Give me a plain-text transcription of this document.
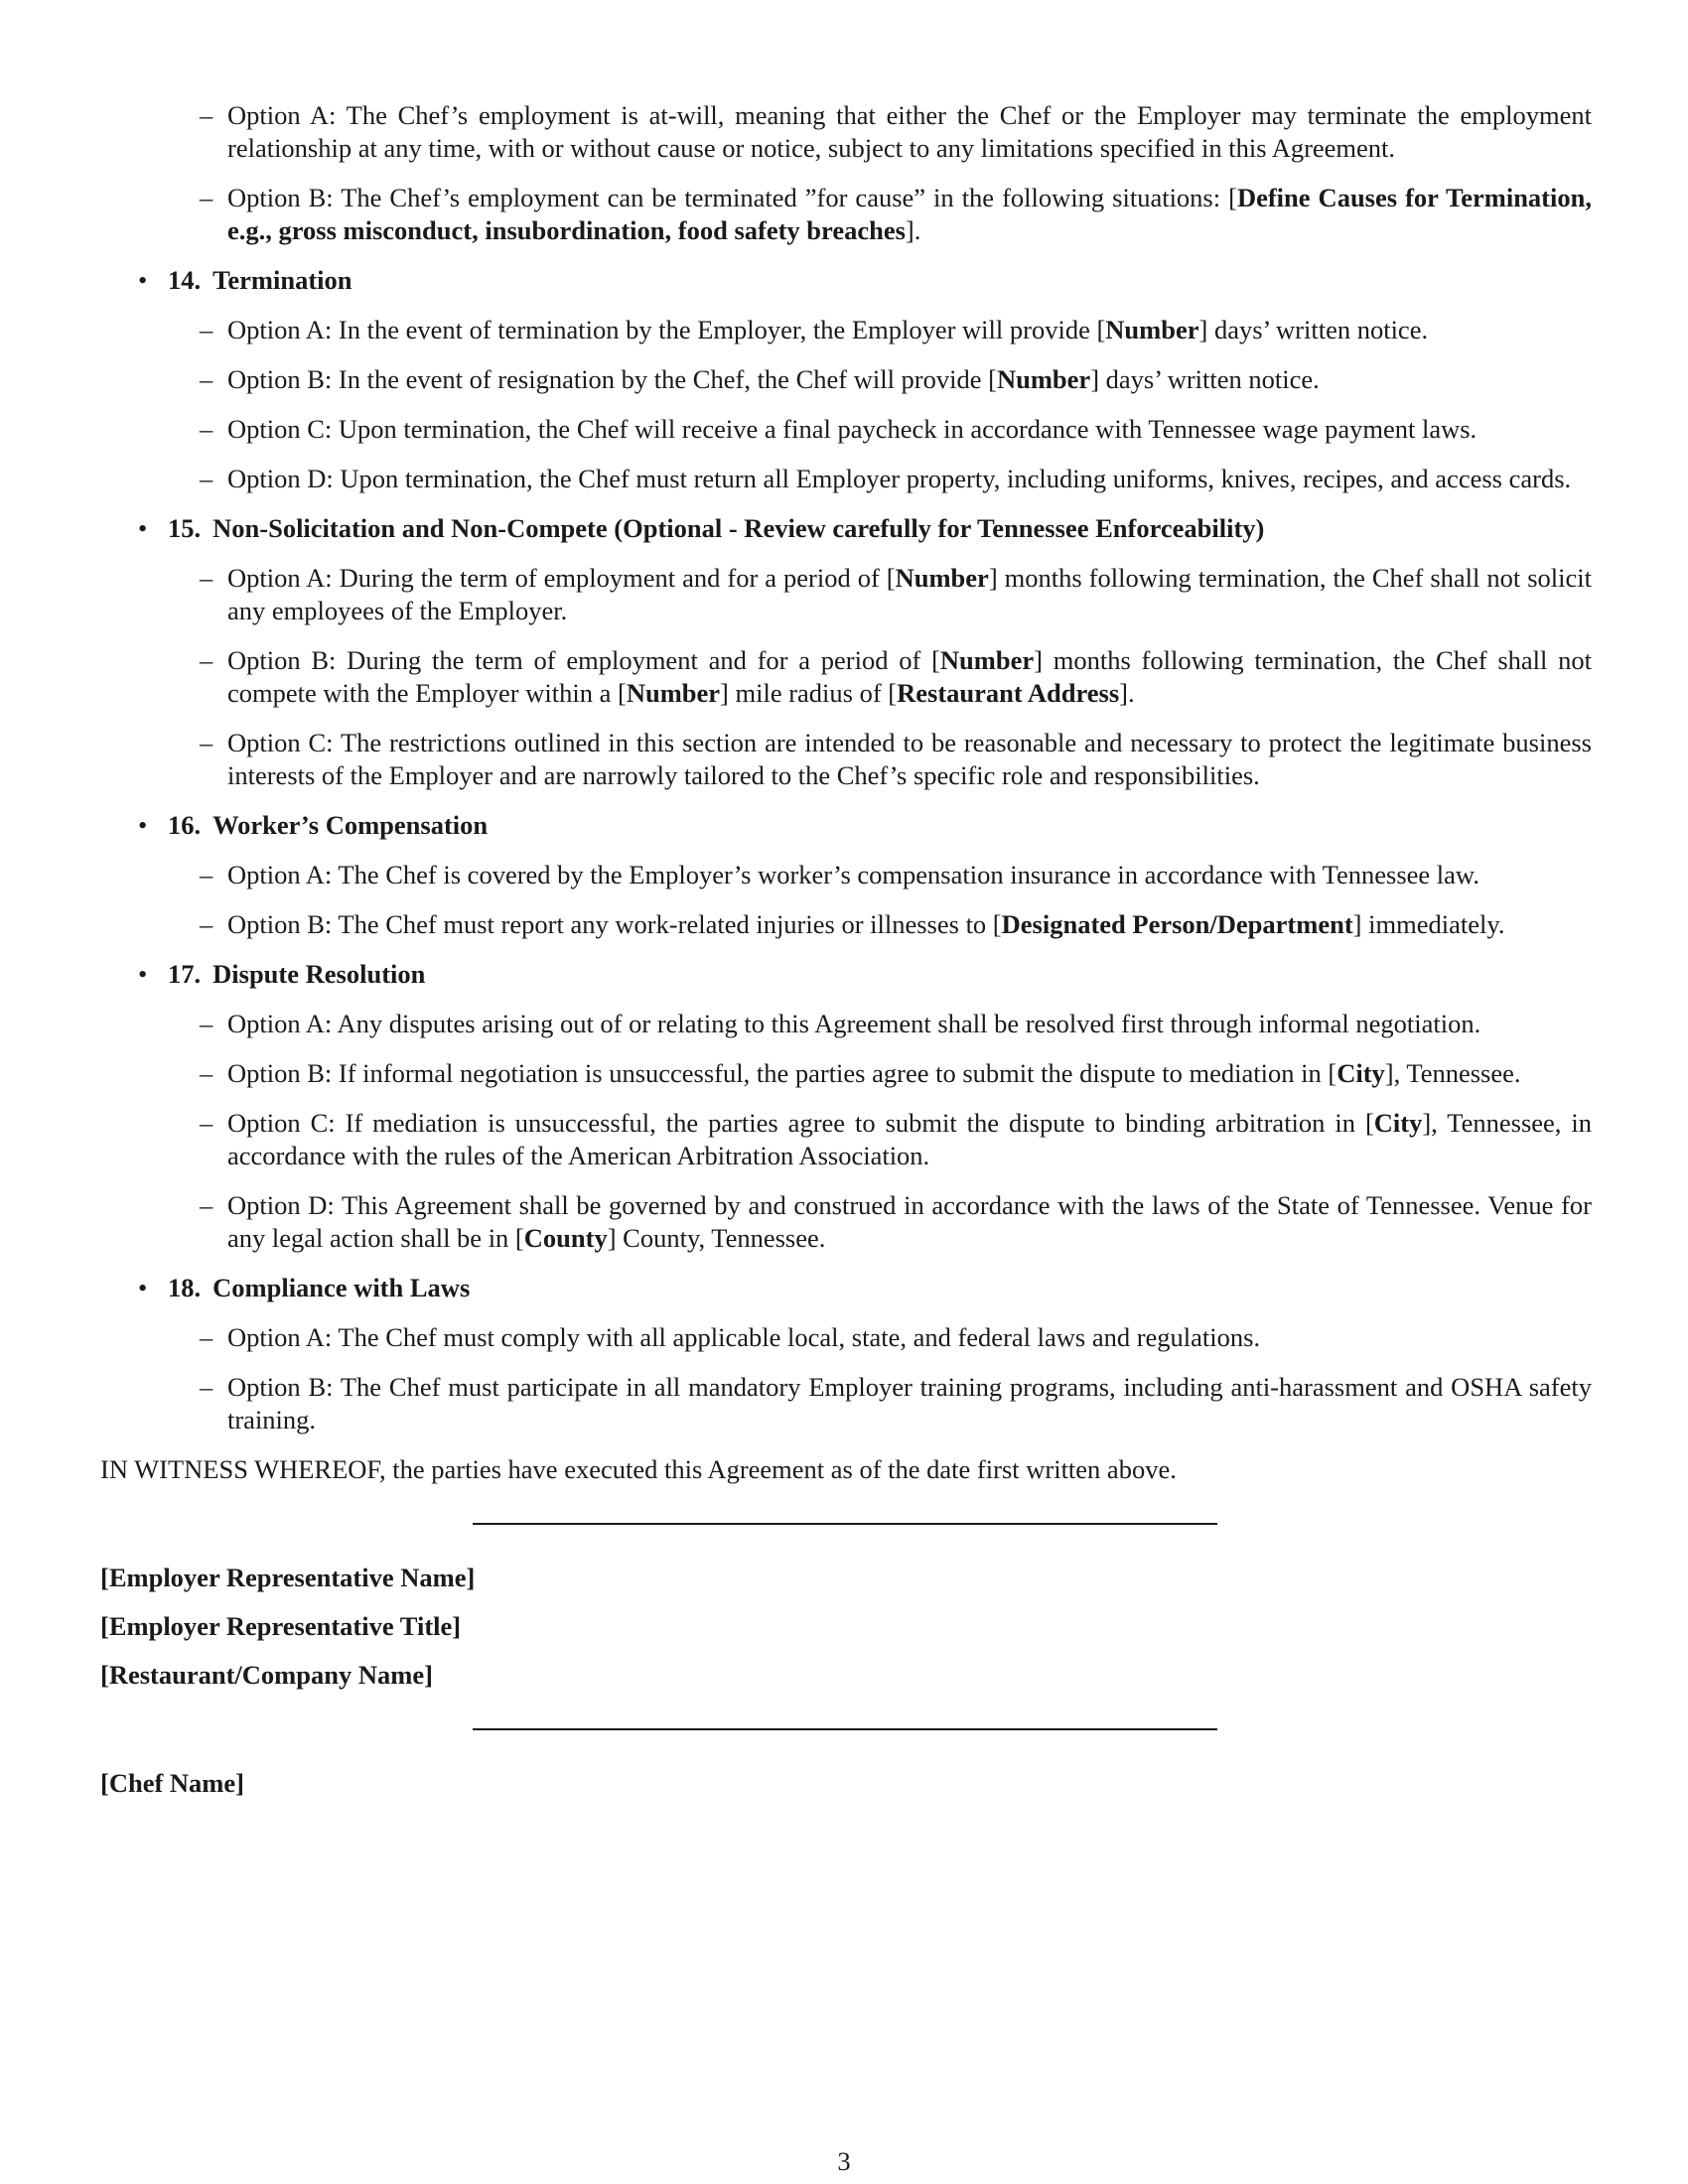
– Option A: The Chef’s employment is at-will, meaning that either the Chef or the Employer may terminate the employment relationship at any time, with or without cause or notice, subject to any limitations specified in this Agreement.
– Option B: The Chef’s employment can be terminated ”for cause” in the following situations: [Define Causes for Termination, e.g., gross misconduct, insubordination, food safety breaches].
• 14. Termination
– Option A: In the event of termination by the Employer, the Employer will provide [Number] days’ written notice.
– Option B: In the event of resignation by the Chef, the Chef will provide [Number] days’ written notice.
– Option C: Upon termination, the Chef will receive a final paycheck in accordance with Tennessee wage payment laws.
– Option D: Upon termination, the Chef must return all Employer property, including uniforms, knives, recipes, and access cards.
• 15. Non-Solicitation and Non-Compete (Optional - Review carefully for Tennessee Enforceability)
– Option A: During the term of employment and for a period of [Number] months following termination, the Chef shall not solicit any employees of the Employer.
– Option B: During the term of employment and for a period of [Number] months following termination, the Chef shall not compete with the Employer within a [Number] mile radius of [Restaurant Address].
– Option C: The restrictions outlined in this section are intended to be reasonable and necessary to protect the legitimate business interests of the Employer and are narrowly tailored to the Chef’s specific role and responsibilities.
• 16. Worker’s Compensation
– Option A: The Chef is covered by the Employer’s worker’s compensation insurance in accordance with Tennessee law.
– Option B: The Chef must report any work-related injuries or illnesses to [Designated Person/Department] immediately.
• 17. Dispute Resolution
– Option A: Any disputes arising out of or relating to this Agreement shall be resolved first through informal negotiation.
– Option B: If informal negotiation is unsuccessful, the parties agree to submit the dispute to mediation in [City], Tennessee.
– Option C: If mediation is unsuccessful, the parties agree to submit the dispute to binding arbitration in [City], Tennessee, in accordance with the rules of the American Arbitration Association.
– Option D: This Agreement shall be governed by and construed in accordance with the laws of the State of Tennessee. Venue for any legal action shall be in [County] County, Tennessee.
• 18. Compliance with Laws
– Option A: The Chef must comply with all applicable local, state, and federal laws and regulations.
– Option B: The Chef must participate in all mandatory Employer training programs, including anti-harassment and OSHA safety training.
IN WITNESS WHEREOF, the parties have executed this Agreement as of the date first written above.
[Employer Representative Name]
[Employer Representative Title]
[Restaurant/Company Name]
[Chef Name]
3
